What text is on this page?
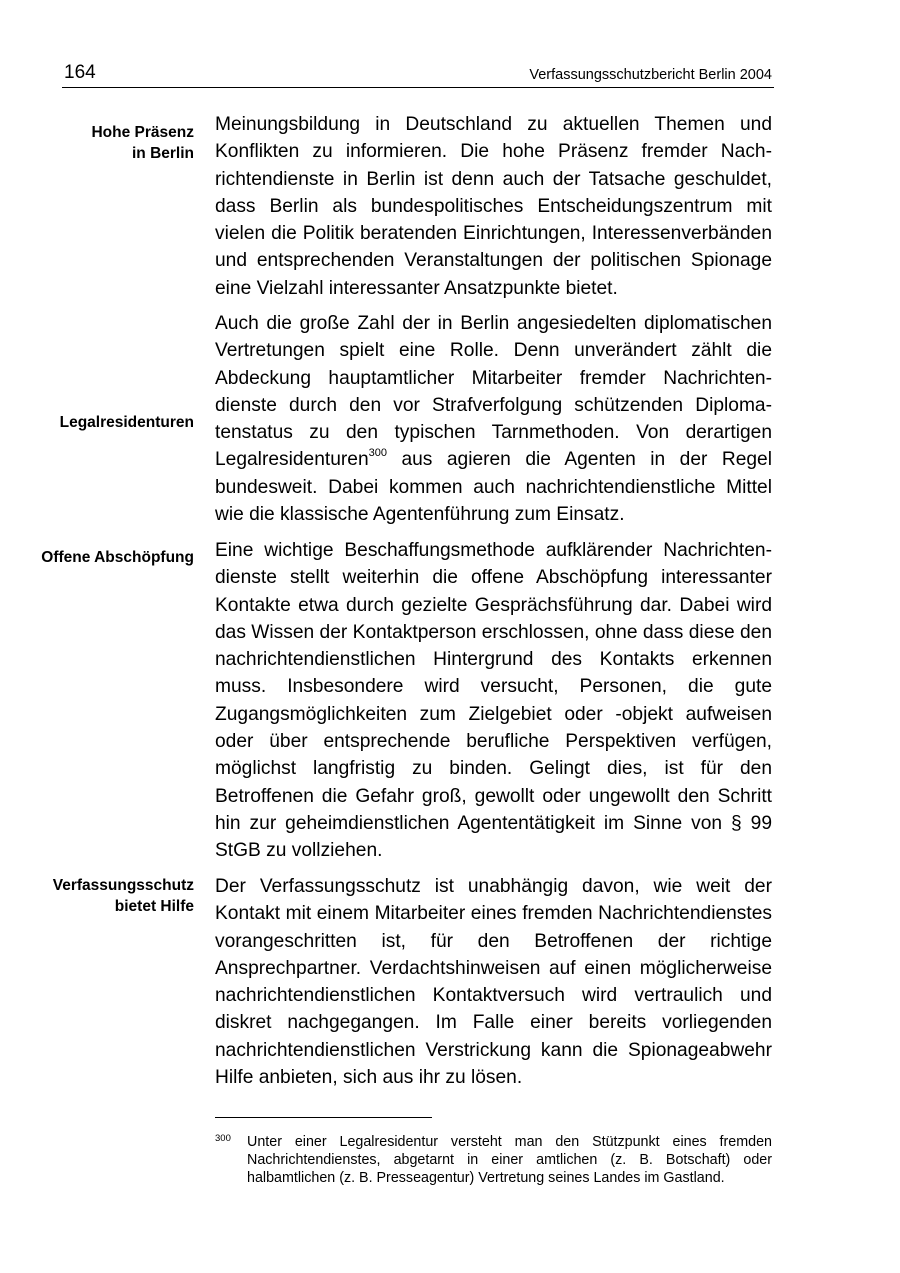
164	Verfassungsschutzbericht Berlin 2004
Hohe Präsenz
in Berlin
Legalresidenturen
Offene Abschöpfung
Verfassungsschutz
bietet Hilfe

Meinungsbildung in Deutschland zu aktuellen Themen und Konflikten zu informieren. Die hohe Präsenz fremder Nachrichtendienste in Berlin ist denn auch der Tatsache geschuldet, dass Berlin als bundespolitisches Entscheidungszentrum mit vielen die Politik beratenden Einrichtungen, Interessenverbänden und entsprechenden Veranstaltungen der politischen Spionage eine Vielzahl interessanter Ansatzpunkte bietet.

Auch die große Zahl der in Berlin angesiedelten diplomatischen Vertretungen spielt eine Rolle. Denn unverändert zählt die Abdeckung hauptamtlicher Mitarbeiter fremder Nachrichtendienste durch den vor Strafverfolgung schützenden Diplomatenstatus zu den typischen Tarnmethoden. Von derartigen Legalresidenturen$^{300}$ aus agieren die Agenten in der Regel bundesweit. Dabei kommen auch nachrichtendienstliche Mittel wie die klassische Agentenführung zum Einsatz.

Eine wichtige Beschaffungsmethode aufklärender Nachrichtendienste stellt weiterhin die offene Abschöpfung interessanter Kontakte etwa durch gezielte Gesprächsführung dar. Dabei wird das Wissen der Kontaktperson erschlossen, ohne dass diese den nachrichtendienstlichen Hintergrund des Kontakts erkennen muss. Insbesondere wird versucht, Personen, die gute Zugangsmöglichkeiten zum Zielgebiet oder -objekt aufweisen oder über entsprechende berufliche Perspektiven verfügen, möglichst langfristig zu binden. Gelingt dies, ist für den Betroffenen die Gefahr groß, gewollt oder ungewollt den Schritt hin zur geheimdienstlichen Agententätigkeit im Sinne von § 99 StGB zu vollziehen.

Der Verfassungsschutz ist unabhängig davon, wie weit der Kontakt mit einem Mitarbeiter eines fremden Nachrichtendienstes vorangeschritten ist, für den Betroffenen der richtige Ansprechpartner. Verdachtshinweisen auf einen möglicherweise nachrichtendienstlichen Kontaktversuch wird vertraulich und diskret nachgegangen. Im Falle einer bereits vorliegenden nachrichtendienstlichen Verstrickung kann die Spionageabwehr Hilfe anbieten, sich aus ihr zu lösen.

300 Unter einer Legalresidentur versteht man den Stützpunkt eines fremden Nachrichtendienstes, abgetarnt in einer amtlichen (z. B. Botschaft) oder halbamtlichen (z. B. Presseagentur) Vertretung seines Landes im Gastland.
